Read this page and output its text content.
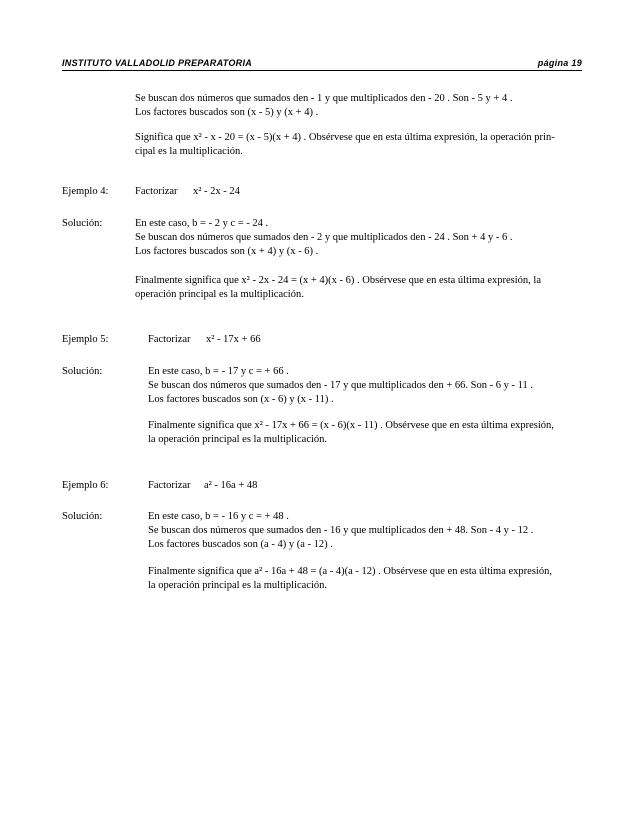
INSTITUTO VALLADOLID PREPARATORIA	página 19
Se buscan dos números que sumados den - 1 y que multiplicados den - 20 . Son - 5 y + 4 .
Los factores buscados son (x - 5) y (x + 4) .
Significa que x² - x - 20 = (x - 5)(x + 4) . Obsérvese que en esta última expresión, la operación prin-
cipal es la multiplicación.
Ejemplo 4:	Factorizar x² - 2x - 24
Solución:	En este caso, b = - 2 y c = - 24 .
Se buscan dos números que sumados den - 2 y que multiplicados den - 24 . Son + 4 y - 6 .
Los factores buscados son (x + 4) y (x - 6) .
Finalmente significa que x² - 2x - 24 = (x + 4)(x - 6) . Obsérvese que en esta última expresión, la
operación principal es la multiplicación.
Ejemplo 5:	Factorizar x² - 17x + 66
Solución:	En este caso, b = - 17 y c = + 66 .
Se buscan dos números que sumados den - 17 y que multiplicados den + 66. Son - 6 y - 11 .
Los factores buscados son (x - 6) y (x - 11) .
Finalmente significa que x² - 17x + 66 = (x - 6)(x - 11) . Obsérvese que en esta última expresión,
la operación principal es la multiplicación.
Ejemplo 6:	Factorizar a² - 16a + 48
Solución:	En este caso, b = - 16 y c = + 48 .
Se buscan dos números que sumados den - 16 y que multiplicados den + 48. Son - 4 y - 12 .
Los factores buscados son (a - 4) y (a - 12) .
Finalmente significa que a² - 16a + 48 = (a - 4)(a - 12) . Obsérvese que en esta última expresión,
la operación principal es la multiplicación.
